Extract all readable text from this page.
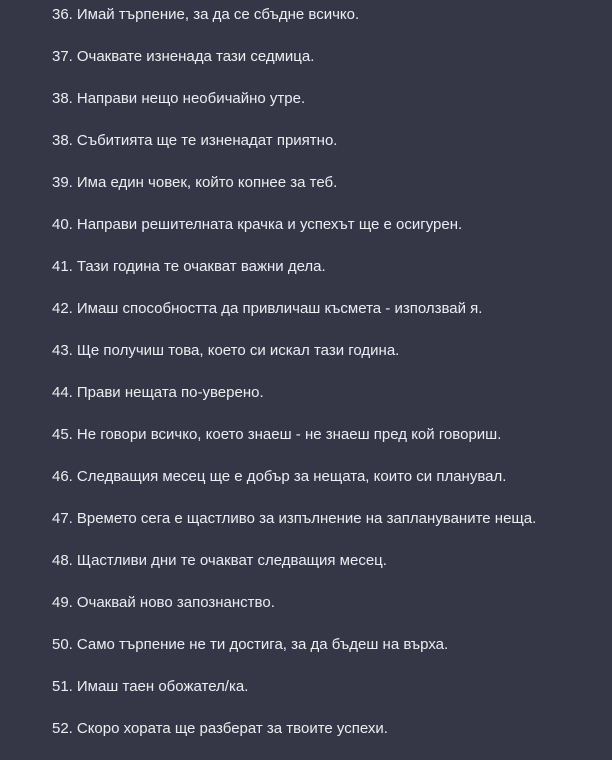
36. Имай търпение, за да се сбъдне всичко.
37. Очаквате изненада тази седмица.
38. Направи нещо необичайно утре.
38. Събитията ще те изненадат приятно.
39. Има един човек, който копнее за теб.
40. Направи решителната крачка и успехът ще е осигурен.
41. Тази година те очакват важни дела.
42. Имаш способността да привличаш късмета - използвай я.
43. Ще получиш това, което си искал тази година.
44. Прави нещата по-уверено.
45. Не говори всичко, което знаеш - не знаеш пред кой говориш.
46. Следващия месец ще е добър за нещата, които си планувал.
47. Времето сега е щастливо за изпълнение на заплануваните неща.
48. Щастливи дни те очакват следващия месец.
49. Очаквай ново запознанство.
50. Само търпение не ти достига, за да бъдеш на върха.
51. Имаш таен обожател/ка.
52. Скоро хората ще разберат за твоите успехи.
